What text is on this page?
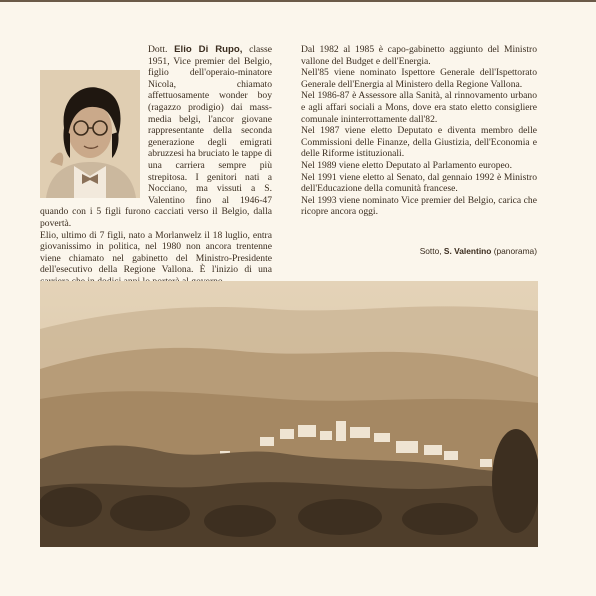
Dott. Elio Di Rupo, classe 1951, Vice premier del Belgio, figlio dell'operaio-minatore Nicola, chiamato affettuosamente wonder boy (ragazzo prodigio) dai mass-media belgi, l'ancor giovane rappresentante della seconda generazione degli emigrati abruzzesi ha bruciato le tappe di una carriera sempre più strepitosa. I genitori nati a Nocciano, ma vissuti a S. Valentino fino al 1946-47 quando con i 5 figli furono cacciati verso il Belgio, dalla povertà.

Elio, ultimo di 7 figli, nato a Morlanwelz il 18 luglio, entra giovanissimo in politica, nel 1980 non ancora trentenne viene chiamato nel gabinetto del Ministro-Presidente dell'esecutivo della Regione Vallona. È l'inizio di una

Dal 1982 al 1985 è capo-gabinetto aggiunto del Ministro vallone del Budget e dell'Energia.

Nell'85 viene nominato Ispettore Generale dell'Ispettorato Generale dell'Energia al Ministero della Regione Vallona.

Nel 1986-87 è Assessore alla Sanità, al rinnovamento urbano e agli affari sociali a Mons, dove era stato eletto consigliere comunale ininterrottamente dall'82.

Nel 1987 viene eletto Deputato e diventa membro delle Commissioni delle Finanze, della Giustizia, dell'Economia e delle Riforme istituzionali.

Nel 1989 viene eletto Deputato al Parlamento europeo.

Nel 1991 viene eletto al Senato, dal gennaio 1992 è Ministro dell'Educazione della comunità francese.

Nel 1993 viene nominato Vice premier del Belgio, carica che ricopre ancora oggi.

Sotto, S. Valentino (panorama)
